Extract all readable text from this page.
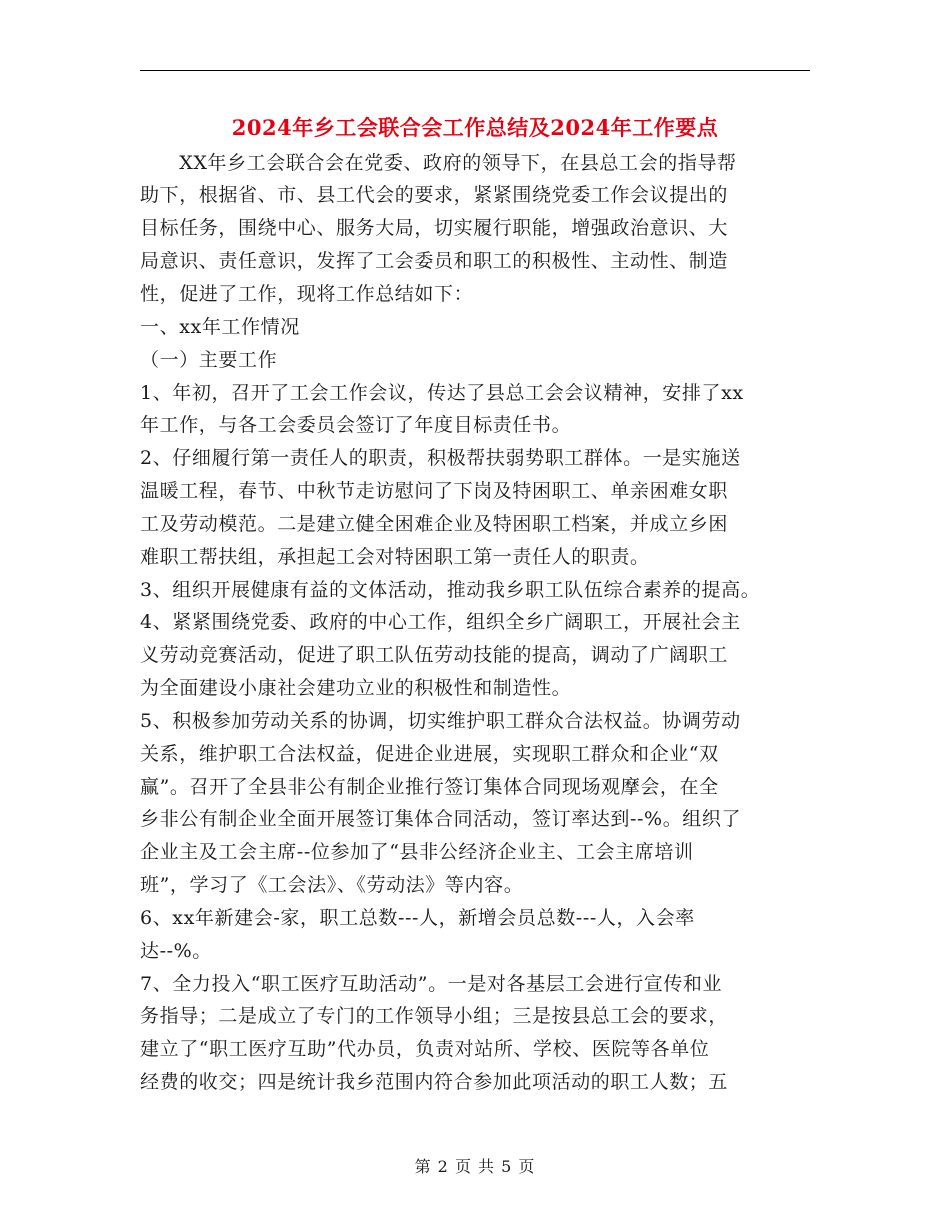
2024年乡工会联合会工作总结及2024年工作要点
　　XX年乡工会联合会在党委、政府的领导下，在县总工会的指导帮
助下，根据省、市、县工代会的要求，紧紧围绕党委工作会议提出的
目标任务，围绕中心、服务大局，切实履行职能，增强政治意识、大
局意识、责任意识，发挥了工会委员和职工的积极性、主动性、制造
性，促进了工作，现将工作总结如下：
一、xx年工作情况
（一）主要工作
1、年初，召开了工会工作会议，传达了县总工会会议精神，安排了xx
年工作，与各工会委员会签订了年度目标责任书。
2、仔细履行第一责任人的职责，积极帮扶弱势职工群体。一是实施送
温暖工程，春节、中秋节走访慰问了下岗及特困职工、单亲困难女职
工及劳动模范。二是建立健全困难企业及特困职工档案，并成立乡困
难职工帮扶组，承担起工会对特困职工第一责任人的职责。
3、组织开展健康有益的文体活动，推动我乡职工队伍综合素养的提高。
4、紧紧围绕党委、政府的中心工作，组织全乡广阔职工，开展社会主
义劳动竞赛活动，促进了职工队伍劳动技能的提高，调动了广阔职工
为全面建设小康社会建功立业的积极性和制造性。
5、积极参加劳动关系的协调，切实维护职工群众合法权益。协调劳动
关系，维护职工合法权益，促进企业进展，实现职工群众和企业“双
赢”。召开了全县非公有制企业推行签订集体合同现场观摩会，在全
乡非公有制企业全面开展签订集体合同活动，签订率达到--%。组织了
企业主及工会主席--位参加了“县非公经济企业主、工会主席培训
班”，学习了《工会法》、《劳动法》等内容。
6、xx年新建会-家，职工总数---人，新增会员总数---人，入会率
达--%。
7、全力投入“职工医疗互助活动”。一是对各基层工会进行宣传和业
务指导；二是成立了专门的工作领导小组；三是按县总工会的要求，
建立了“职工医疗互助”代办员，负责对站所、学校、医院等各单位
经费的收交；四是统计我乡范围内符合参加此项活动的职工人数；五
第 2 页 共 5 页
